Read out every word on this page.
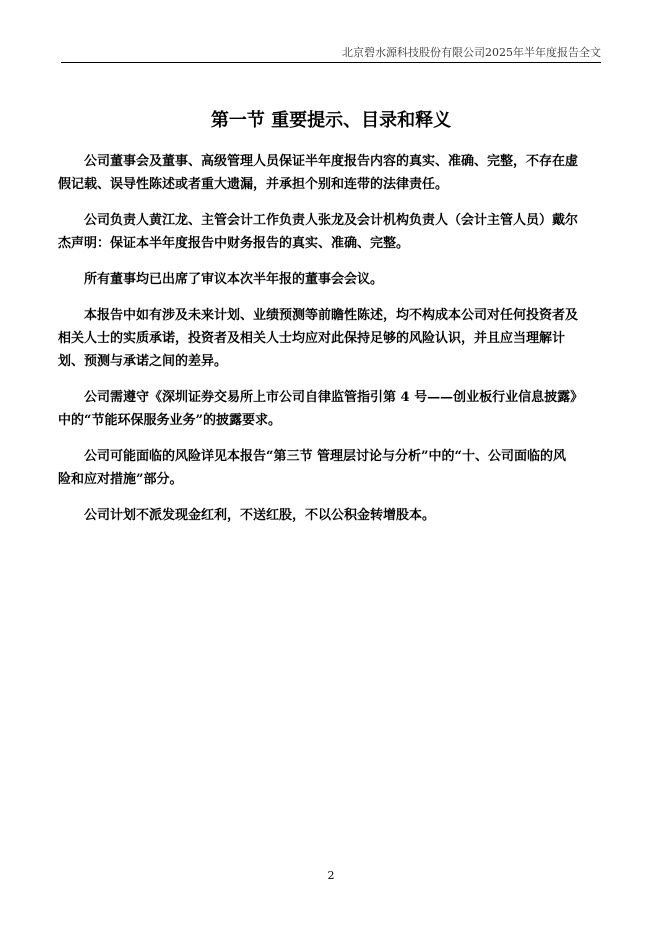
北京碧水源科技股份有限公司2025年半年度报告全文
第一节 重要提示、目录和释义
公司董事会及董事、高级管理人员保证半年度报告内容的真实、准确、完整，不存在虚
假记载、误导性陈述或者重大遗漏，并承担个别和连带的法律责任。
公司负责人黄江龙、主管会计工作负责人张龙及会计机构负责人（会计主管人员）戴尔
杰声明：保证本半年度报告中财务报告的真实、准确、完整。
所有董事均已出席了审议本次半年报的董事会会议。
本报告中如有涉及未来计划、业绩预测等前瞻性陈述，均不构成本公司对任何投资者及
相关人士的实质承诺，投资者及相关人士均应对此保持足够的风险认识，并且应当理解计
划、预测与承诺之间的差异。
公司需遵守《深圳证券交易所上市公司自律监管指引第 4 号——创业板行业信息披露》
中的“节能环保服务业务”的披露要求。
公司可能面临的风险详见本报告“第三节 管理层讨论与分析”中的“十、公司面临的风
险和应对措施”部分。
公司计划不派发现金红利，不送红股，不以公积金转增股本。
2
